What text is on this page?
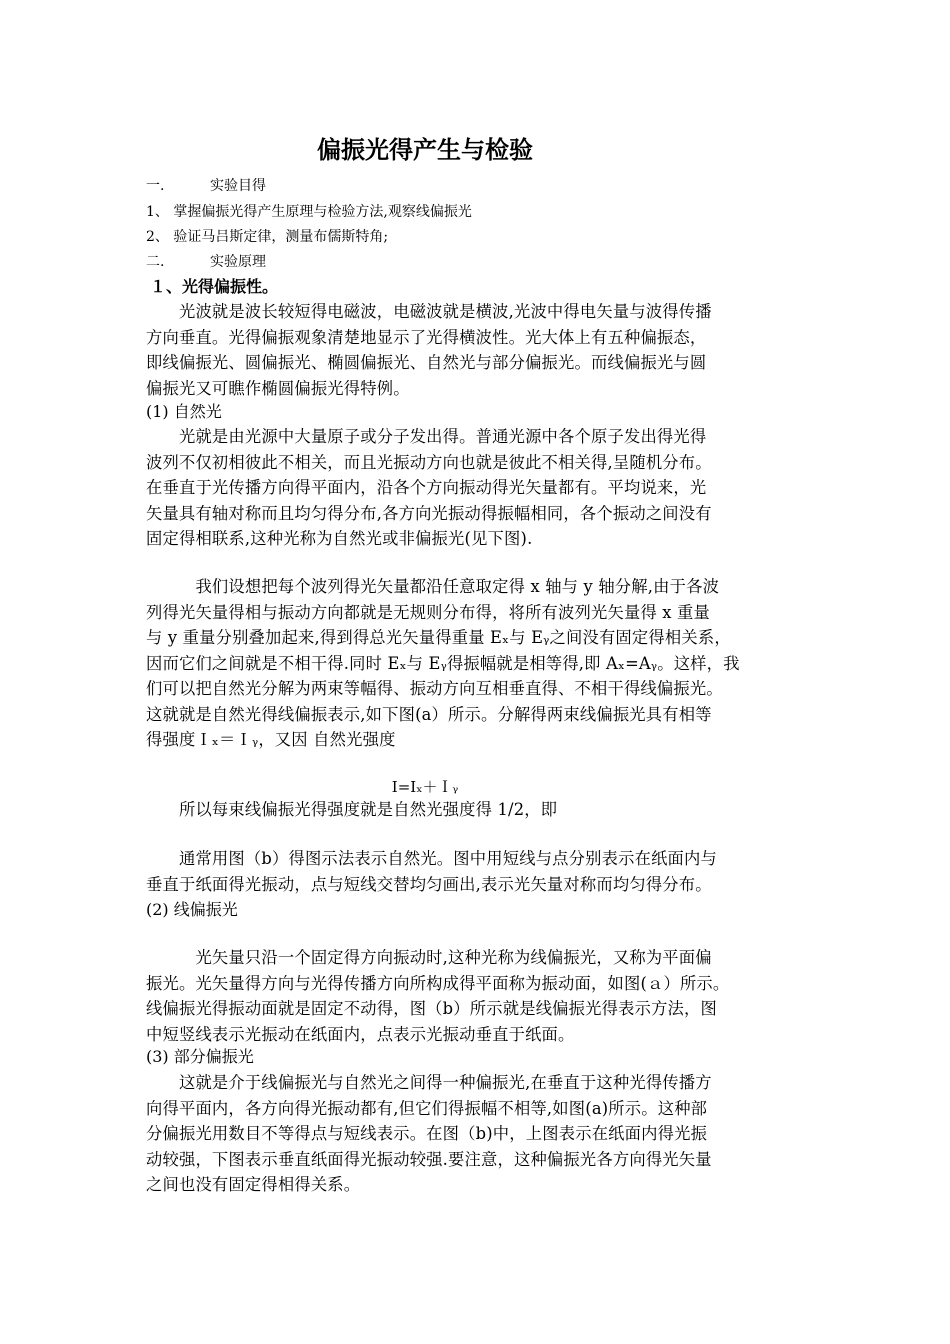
偏振光得产生与检验
一.	实验目得
1、 掌握偏振光得产生原理与检验方法,观察线偏振光
2、 验证马吕斯定律，测量布儒斯特角;
二.	实验原理
１、光得偏振性。
　　光波就是波长较短得电磁波，电磁波就是横波,光波中得电矢量与波得传播
方向垂直。光得偏振观象清楚地显示了光得横波性。光大体上有五种偏振态，
即线偏振光、圆偏振光、椭圆偏振光、自然光与部分偏振光。而线偏振光与圆
偏振光又可瞧作椭圆偏振光得特例。
(1) 自然光
　　光就是由光源中大量原子或分子发出得。普通光源中各个原子发出得光得
波列不仅初相彼此不相关，而且光振动方向也就是彼此不相关得,呈随机分布。
在垂直于光传播方向得平面内，沿各个方向振动得光矢量都有。平均说来，光
矢量具有轴对称而且均匀得分布,各方向光振动得振幅相同，各个振动之间没有
固定得相联系,这种光称为自然光或非偏振光(见下图).
　　　我们设想把每个波列得光矢量都沿任意取定得 x 轴与 y 轴分解,由于各波
列得光矢量得相与振动方向都就是无规则分布得，将所有波列光矢量得 x 重量
与 y 重量分别叠加起来,得到得总光矢量得重量 Eₓ与 Eᵧ之间没有固定得相关系，
因而它们之间就是不相干得.同时 Eₓ与 Eᵧ得振幅就是相等得,即 Aₓ=Aᵧ。这样，我
们可以把自然光分解为两束等幅得、振动方向互相垂直得、不相干得线偏振光。
这就就是自然光得线偏振表示,如下图(a）所示。分解得两束线偏振光具有相等
得强度Ｉₓ＝Ｉᵧ，又因 自然光强度
I=Iₓ＋Ｉᵧ
　　所以每束线偏振光得强度就是自然光强度得 1/2，即
　　通常用图（b）得图示法表示自然光。图中用短线与点分别表示在纸面内与
垂直于纸面得光振动，点与短线交替均匀画出,表示光矢量对称而均匀得分布。
(2) 线偏振光
　　　光矢量只沿一个固定得方向振动时,这种光称为线偏振光，又称为平面偏
振光。光矢量得方向与光得传播方向所构成得平面称为振动面，如图(ａ）所示。
线偏振光得振动面就是固定不动得，图（b）所示就是线偏振光得表示方法，图
中短竖线表示光振动在纸面内，点表示光振动垂直于纸面。
(3) 部分偏振光
　　这就是介于线偏振光与自然光之间得一种偏振光,在垂直于这种光得传播方
向得平面内，各方向得光振动都有,但它们得振幅不相等,如图(a)所示。这种部
分偏振光用数目不等得点与短线表示。在图（b)中，上图表示在纸面内得光振
动较强，下图表示垂直纸面得光振动较强.要注意，这种偏振光各方向得光矢量
之间也没有固定得相得关系。
